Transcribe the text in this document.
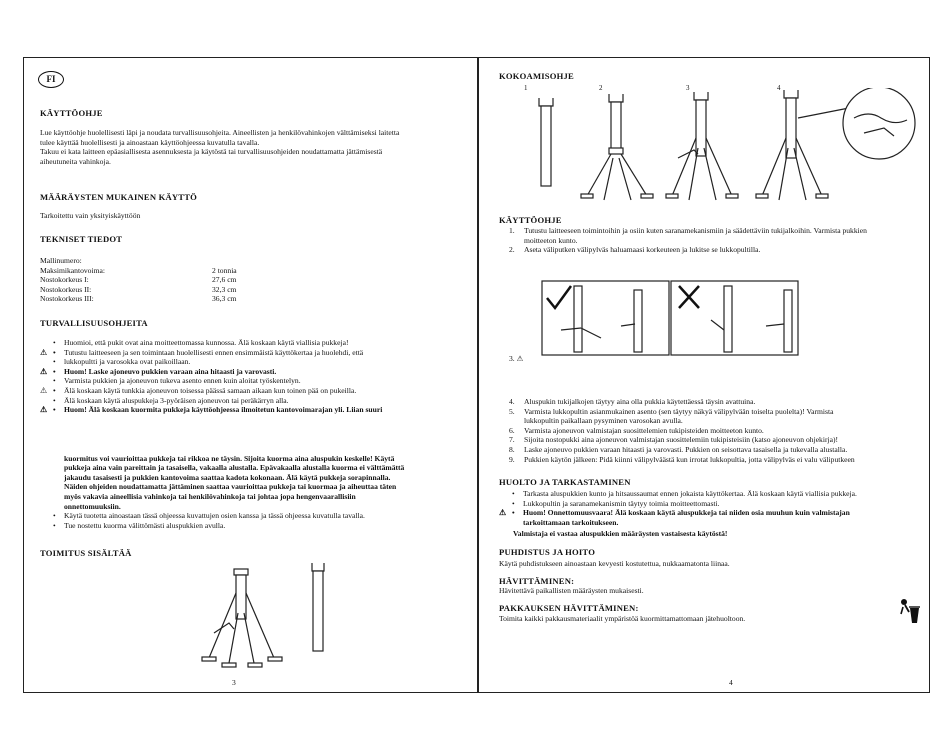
FI
KÄYTTÖOHJE
Lue käyttöohje huolellisesti läpi ja noudata turvallisuusohjeita. Aineellisten ja henkilövahinkojen välttämiseksi laitetta
tulee käyttää huolellisesti ja ainoastaan käyttöohjeessa kuvatulla tavalla.
Takuu ei kata laitteen epäasiallisesta asennuksesta ja käytöstä tai turvallisuusohjeiden noudattamatta jättämisestä
aiheutuneita vahinkoja.
MÄÄRÄYSTEN MUKAINEN KÄYTTÖ
Tarkoitettu vain yksityiskäyttöön
TEKNISET TIEDOT
Mallinumero:
Maksimikantovoima:	2 tonnia
Nostokorkeus I:	27,6 cm
Nostokorkeus II:	32,3 cm
Nostokorkeus III:	36,3 cm
TURVALLISUUSOHJEITA
• Huomioi, että pukit ovat aina moitteettomassa kunnossa. Älä koskaan käytä viallisia pukkeja!
• Tutustu laitteeseen ja sen toimintaan huolellisesti ennen ensimmäistä käyttökertaa ja huolehdi, että
• lukkopultti ja varosokka ovat paikoillaan.
• Huom! Laske ajoneuvo pukkien varaan aina hitaasti ja varovasti. ⚠
• Varmista pukkien ja ajoneuvon tukeva asento ennen kuin aloitat työskentelyn.
• Älä koskaan käytä tunkkia ajoneuvon toisessa päässä samaan aikaan kun toinen pää on pukeilla.
• Älä koskaan käytä aluspukkeja 3-pyöräisen ajoneuvon tai peräkärryn alla.
• Huom! Älä koskaan kuormita pukkeja käyttöohjeessa ilmoitetun kantovoimarajan yli. Liian suuri ⚠
kuormitus voi vaurioittaa pukkeja tai rikkoa ne täysin. Sijoita kuorma aina aluspukin keskelle! Käytä
pukkeja aina vain pareittain ja tasaisella, vakaalla alustalla. Epävakaalla alustalla kuorma ei välttämättä
jakaudu tasaisesti ja pukkien kantovoima saattaa kadota kokonaan. Älä käytä pukkeja sorapinnalla.
Näiden ohjeiden noudattamatta jättäminen saattaa vaurioittaa pukkeja tai kuormaa ja aiheuttaa täten
myös vakavia aineellisia vahinkoja tai henkilövahinkoja tai johtaa jopa hengenvaarallisiin
onnettomuuksiin.
• Käytä tuotetta ainoastaan tässä ohjeessa kuvattujen osien kanssa ja tässä ohjeessa kuvatulla tavalla.
• Tue nostettu kuorma välittömästi aluspukkien avulla.
TOIMITUS SISÄLTÄÄ
3
KOKOAMISOHJE
1	2	3	4
KÄYTTÖOHJE
1. Tutustu laitteeseen toimintoihin ja osiin kuten saranamekanismiin ja säädettäviin tukijalkoihin. Varmista pukkien
moitteeton kunto.
2. Aseta väliputken välipylväs haluamaasi korkeuteen ja lukitse se lukkopultilla.
3. ⚠
4. Aluspukin tukijalkojen täytyy aina olla pukkia käytettäessä täysin avattuina.
5. Varmista lukkopultin asianmukainen asento (sen täytyy näkyä välipylvään toiselta puolelta)! Varmista
lukkopultin paikallaan pysyminen varosokan avulla.
6. Varmista ajoneuvon valmistajan suosittelemien tukipisteiden moitteeton kunto.
7. Sijoita nostopukki aina ajoneuvon valmistajan suosittelemiin tukipisteisiin (katso ajoneuvon ohjekirja)!
8. Laske ajoneuvo pukkien varaan hitaasti ja varovasti. Pukkien on seisottava tasaisella ja tukevalla alustalla.
9. Pukkien käytön jälkeen: Pidä kiinni välipylväästä kun irrotat lukkopultia, jotta välipylväs ei valu väliputkeen
HUOLTO JA TARKASTAMINEN
• Tarkasta aluspukkien kunto ja hitsaussaumat ennen jokaista käyttökertaa. Älä koskaan käytä viallisia pukkeja.
• Lukkopultin ja saranamekanismin täytyy toimia moitteettomasti.
• Huom! Onnettomuusvaara! Älä koskaan käytä aluspukkeja tai niiden osia muuhun kuin valmistajan ⚠
tarkoittamaan tarkoitukseen.
Valmistaja ei vastaa aluspukkien määräysten vastaisesta käytöstä!
PUHDISTUS JA HOITO
Käytä puhdistukseen ainoastaan kevyesti kostutettua, nukkaamatonta liinaa.
HÄVITTÄMINEN:
Hävitettävä paikallisten määräysten mukaisesti.
PAKKAUKSEN HÄVITTÄMINEN:
Toimita kaikki pakkausmateriaalit ympäristöä kuormittamattomaan jätehuoltoon.
4
